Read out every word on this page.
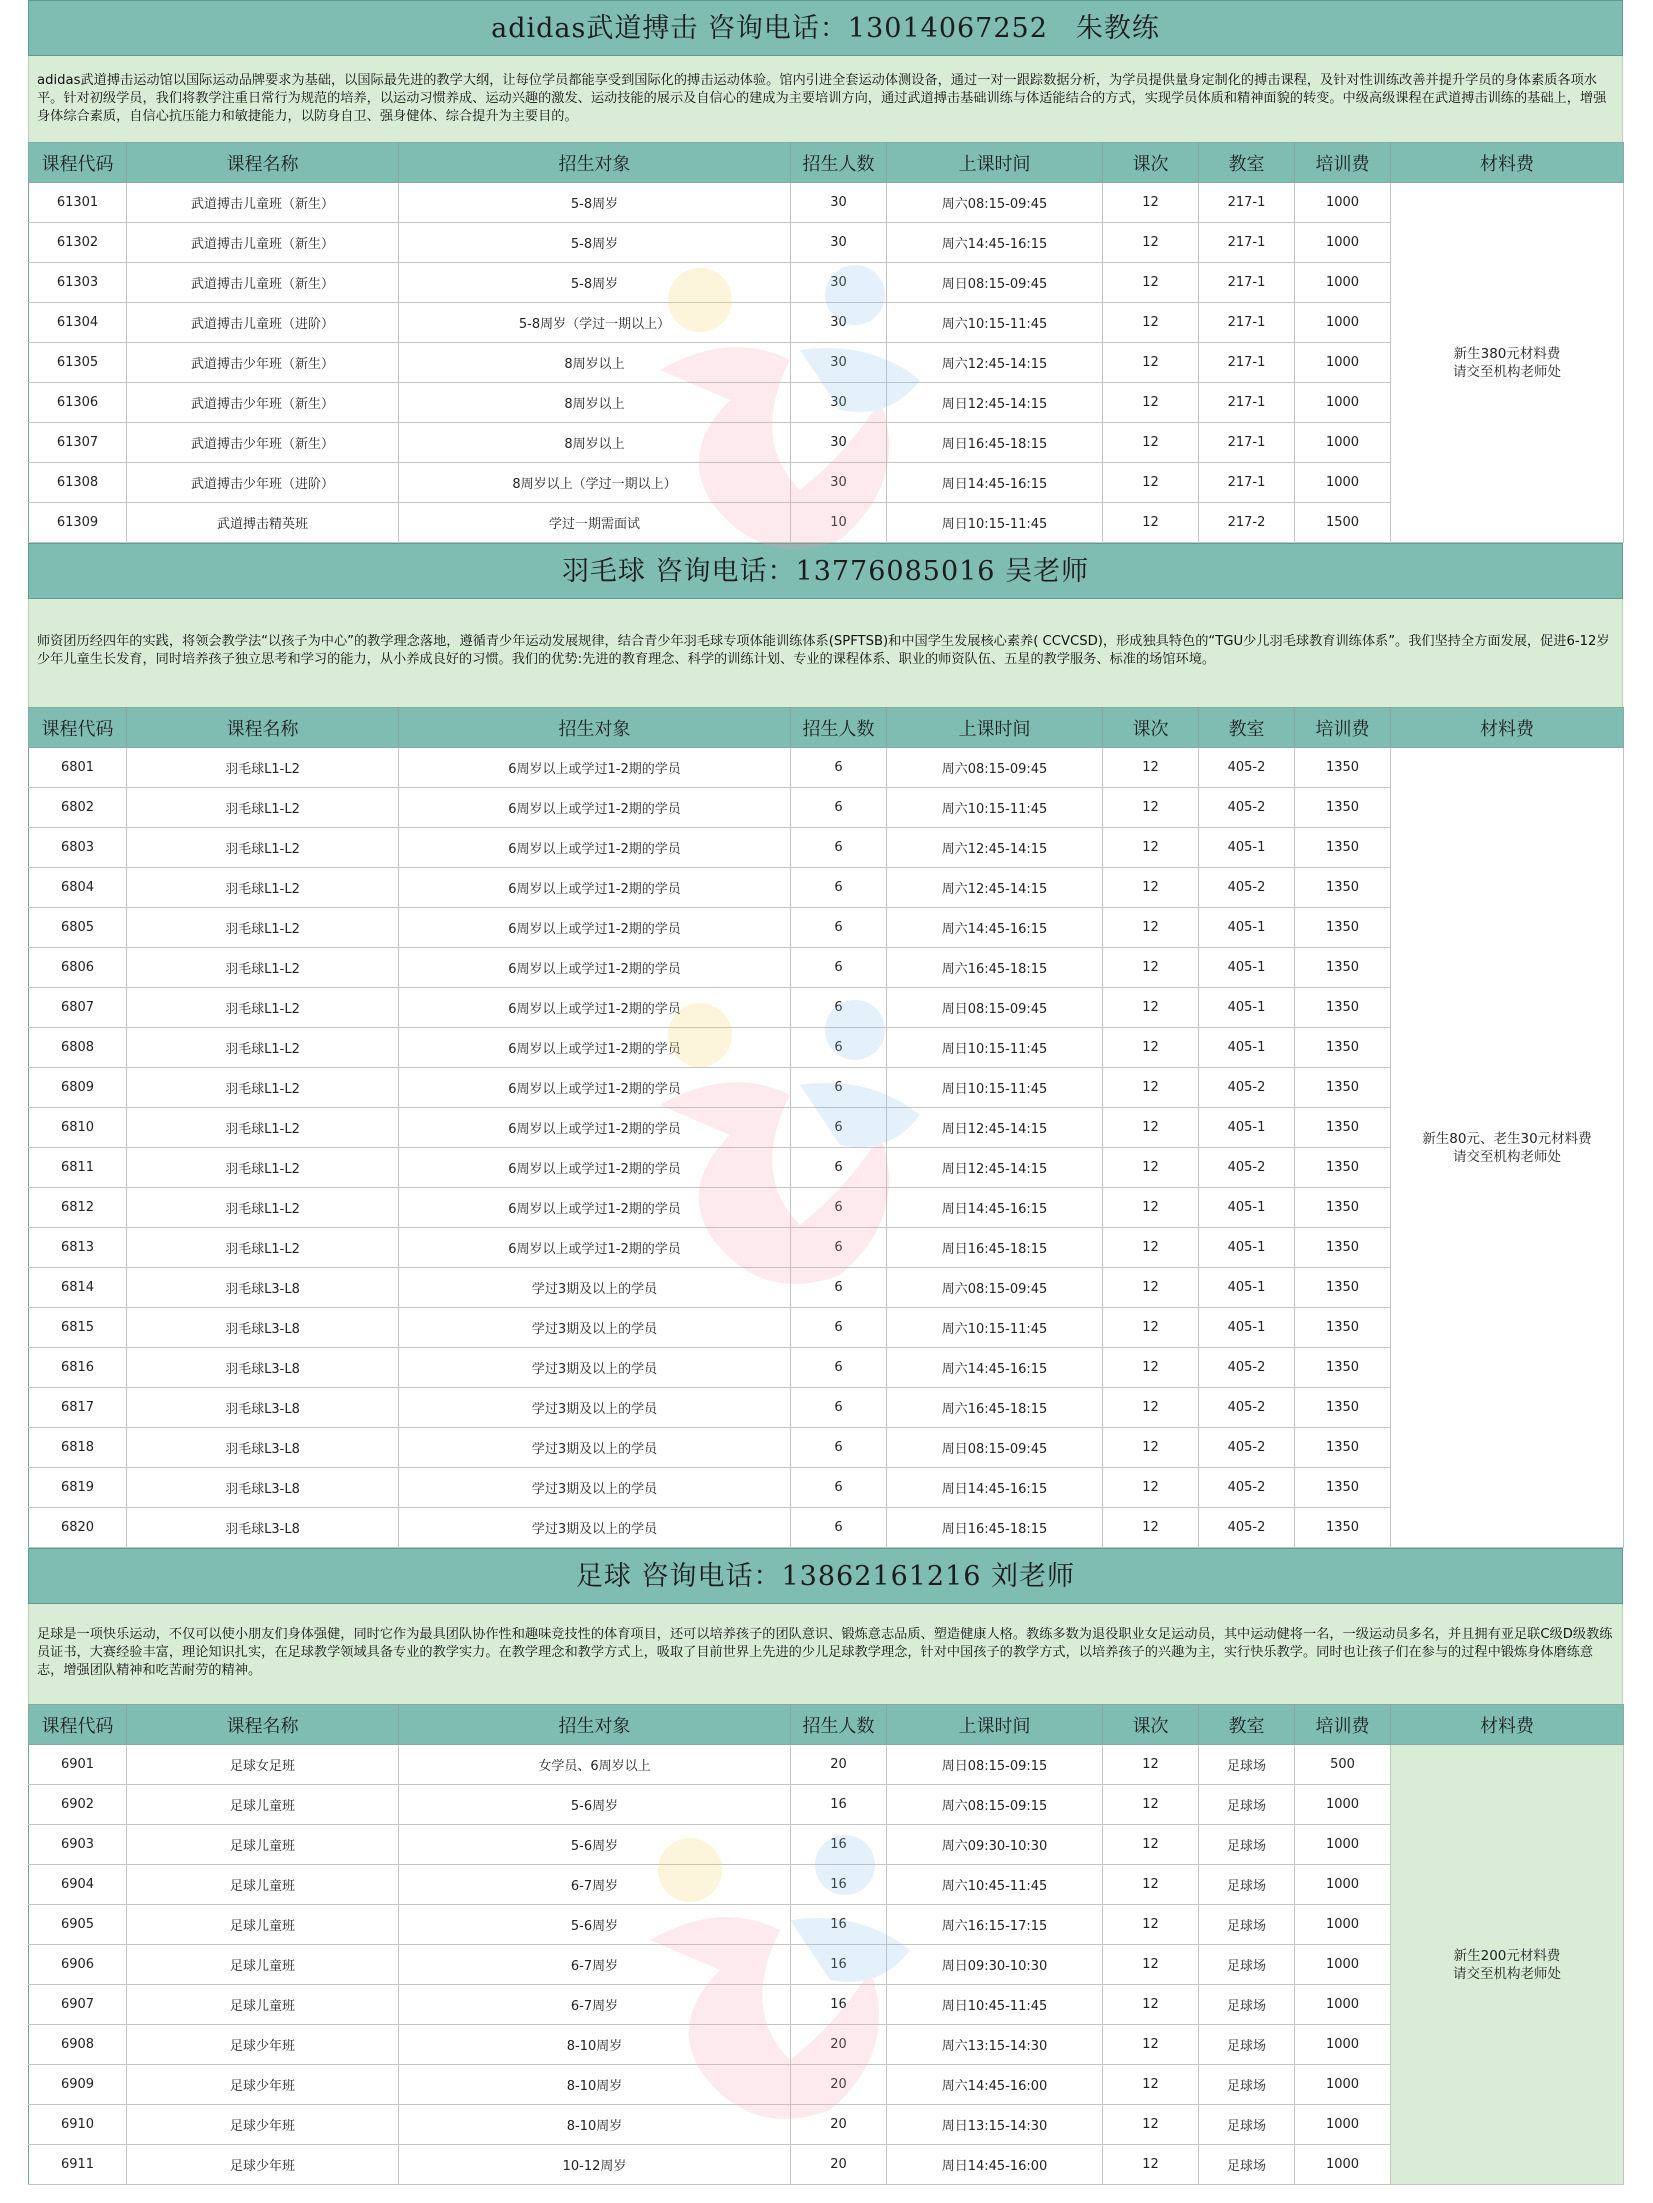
adidas武道搏击 咨询电话：13014067252　朱教练
adidas武道搏击运动馆以国际运动品牌要求为基础，以国际最先进的教学大纲，让每位学员都能享受到国际化的搏击运动体验。馆内引进全套运动体测设备，通过一对一跟踪数据分析，为学员提供量身定制化的搏击课程，及针对性训练改善并提升学员的身体素质各项水平。针对初级学员，我们将教学注重日常行为规范的培养，以运动习惯养成、运动兴趣的激发、运动技能的展示及自信心的建成为主要培训方向，通过武道搏击基础训练与体适能结合的方式，实现学员体质和精神面貌的转变。中级高级课程在武道搏击训练的基础上，增强身体综合素质，自信心抗压能力和敏捷能力，以防身自卫、强身健体、综合提升为主要目的。
课程代码	课程名称	招生对象	招生人数	上课时间	课次	教室	培训费	材料费
61301	武道搏击儿童班（新生）	5-8周岁	30	周六08:15-09:45	12	217-1	1000	新生380元材料费
请交至机构老师处
61302	武道搏击儿童班（新生）	5-8周岁	30	周六14:45-16:15	12	217-1	1000	
61303	武道搏击儿童班（新生）	5-8周岁	30	周日08:15-09:45	12	217-1	1000	
61304	武道搏击儿童班（进阶）	5-8周岁（学过一期以上）	30	周六10:15-11:45	12	217-1	1000	
61305	武道搏击少年班（新生）	8周岁以上	30	周六12:45-14:15	12	217-1	1000	
61306	武道搏击少年班（新生）	8周岁以上	30	周日12:45-14:15	12	217-1	1000	
61307	武道搏击少年班（新生）	8周岁以上	30	周日16:45-18:15	12	217-1	1000	
61308	武道搏击少年班（进阶）	8周岁以上（学过一期以上）	30	周日14:45-16:15	12	217-1	1000	
61309	武道搏击精英班	学过一期需面试	10	周日10:15-11:45	12	217-2	1500	
羽毛球 咨询电话：13776085016 吴老师
师资团历经四年的实践，将领会教学法“以孩子为中心”的教学理念落地，遵循青少年运动发展规律，结合青少年羽毛球专项体能训练体系(SPFTSB)和中国学生发展核心素养( CCVCSD)，形成独具特色的“TGU少儿羽毛球教育训练体系”。我们坚持全方面发展，促进6-12岁少年儿童生长发育，同时培养孩子独立思考和学习的能力，从小养成良好的习惯。我们的优势:先进的教育理念、科学的训练计划、专业的课程体系、职业的师资队伍、五星的教学服务、标准的场馆环境。
课程代码	课程名称	招生对象	招生人数	上课时间	课次	教室	培训费	材料费
6801	羽毛球L1-L2	6周岁以上或学过1-2期的学员	6	周六08:15-09:45	12	405-2	1350	新生80元、老生30元材料费
请交至机构老师处
6802	羽毛球L1-L2	6周岁以上或学过1-2期的学员	6	周六10:15-11:45	12	405-2	1350	
6803	羽毛球L1-L2	6周岁以上或学过1-2期的学员	6	周六12:45-14:15	12	405-1	1350	
6804	羽毛球L1-L2	6周岁以上或学过1-2期的学员	6	周六12:45-14:15	12	405-2	1350	
6805	羽毛球L1-L2	6周岁以上或学过1-2期的学员	6	周六14:45-16:15	12	405-1	1350	
6806	羽毛球L1-L2	6周岁以上或学过1-2期的学员	6	周六16:45-18:15	12	405-1	1350	
6807	羽毛球L1-L2	6周岁以上或学过1-2期的学员	6	周日08:15-09:45	12	405-1	1350	
6808	羽毛球L1-L2	6周岁以上或学过1-2期的学员	6	周日10:15-11:45	12	405-1	1350	
6809	羽毛球L1-L2	6周岁以上或学过1-2期的学员	6	周日10:15-11:45	12	405-2	1350	
6810	羽毛球L1-L2	6周岁以上或学过1-2期的学员	6	周日12:45-14:15	12	405-1	1350	
6811	羽毛球L1-L2	6周岁以上或学过1-2期的学员	6	周日12:45-14:15	12	405-2	1350	
6812	羽毛球L1-L2	6周岁以上或学过1-2期的学员	6	周日14:45-16:15	12	405-1	1350	
6813	羽毛球L1-L2	6周岁以上或学过1-2期的学员	6	周日16:45-18:15	12	405-1	1350	
6814	羽毛球L3-L8	学过3期及以上的学员	6	周六08:15-09:45	12	405-1	1350	
6815	羽毛球L3-L8	学过3期及以上的学员	6	周六10:15-11:45	12	405-1	1350	
6816	羽毛球L3-L8	学过3期及以上的学员	6	周六14:45-16:15	12	405-2	1350	
6817	羽毛球L3-L8	学过3期及以上的学员	6	周六16:45-18:15	12	405-2	1350	
6818	羽毛球L3-L8	学过3期及以上的学员	6	周日08:15-09:45	12	405-2	1350	
6819	羽毛球L3-L8	学过3期及以上的学员	6	周日14:45-16:15	12	405-2	1350	
6820	羽毛球L3-L8	学过3期及以上的学员	6	周日16:45-18:15	12	405-2	1350	
足球 咨询电话：13862161216 刘老师
足球是一项快乐运动，不仅可以使小朋友们身体强健，同时它作为最具团队协作性和趣味竞技性的体育项目，还可以培养孩子的团队意识、锻炼意志品质、塑造健康人格。教练多数为退役职业女足运动员，其中运动健将一名，一级运动员多名，并且拥有亚足联C级D级教练员证书，大赛经验丰富，理论知识扎实，在足球教学领域具备专业的教学实力。在教学理念和教学方式上，吸取了目前世界上先进的少儿足球教学理念，针对中国孩子的教学方式，以培养孩子的兴趣为主，实行快乐教学。同时也让孩子们在参与的过程中锻炼身体磨练意志，增强团队精神和吃苦耐劳的精神。
课程代码	课程名称	招生对象	招生人数	上课时间	课次	教室	培训费	材料费
6901	足球女足班	女学员、6周岁以上	20	周日08:15-09:15	12	足球场	500	新生200元材料费
请交至机构老师处
6902	足球儿童班	5-6周岁	16	周六08:15-09:15	12	足球场	1000	
6903	足球儿童班	5-6周岁	16	周六09:30-10:30	12	足球场	1000	
6904	足球儿童班	6-7周岁	16	周六10:45-11:45	12	足球场	1000	
6905	足球儿童班	5-6周岁	16	周六16:15-17:15	12	足球场	1000	
6906	足球儿童班	6-7周岁	16	周日09:30-10:30	12	足球场	1000	
6907	足球儿童班	6-7周岁	16	周日10:45-11:45	12	足球场	1000	
6908	足球少年班	8-10周岁	20	周六13:15-14:30	12	足球场	1000	
6909	足球少年班	8-10周岁	20	周六14:45-16:00	12	足球场	1000	
6910	足球少年班	8-10周岁	20	周日13:15-14:30	12	足球场	1000	
6911	足球少年班	10-12周岁	20	周日14:45-16:00	12	足球场	1000	
